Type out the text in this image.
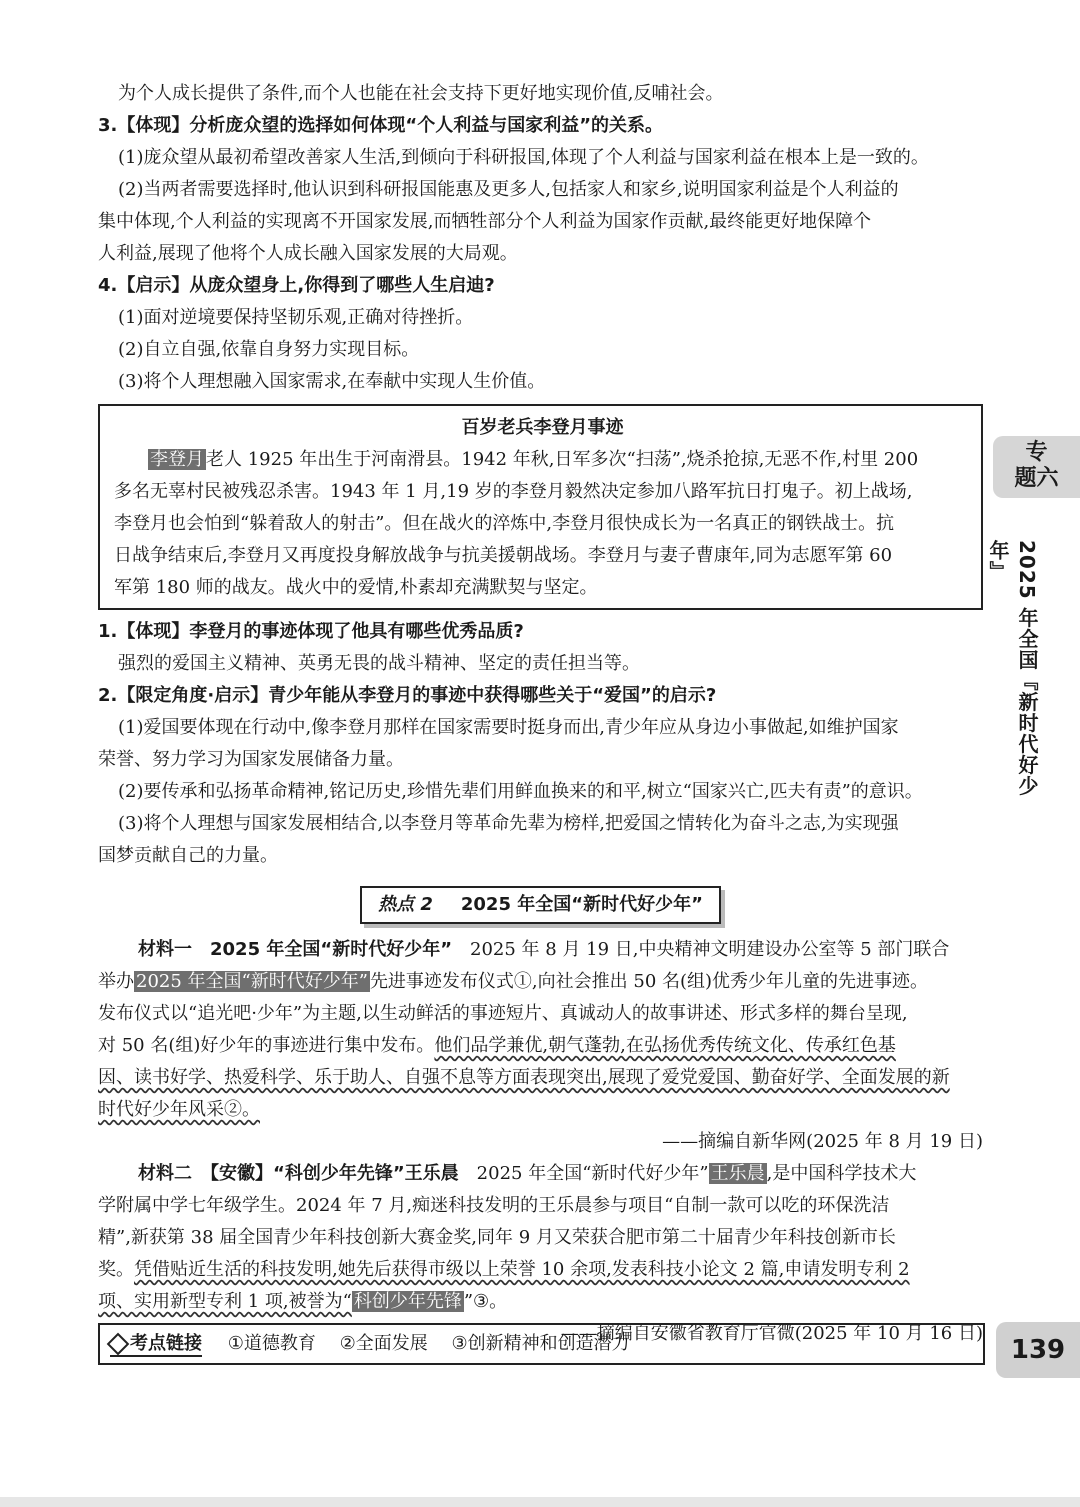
为个人成长提供了条件,而个人也能在社会支持下更好地实现价值,反哺社会。
3.【体现】分析庞众望的选择如何体现“个人利益与国家利益”的关系。
(1)庞众望从最初希望改善家人生活,到倾向于科研报国,体现了个人利益与国家利益在根本上是一致的。
(2)当两者需要选择时,他认识到科研报国能惠及更多人,包括家人和家乡,说明国家利益是个人利益的
集中体现,个人利益的实现离不开国家发展,而牺牲部分个人利益为国家作贡献,最终能更好地保障个
人利益,展现了他将个人成长融入国家发展的大局观。
4.【启示】从庞众望身上,你得到了哪些人生启迪?
(1)面对逆境要保持坚韧乐观,正确对待挫折。
(2)自立自强,依靠自身努力实现目标。
(3)将个人理想融入国家需求,在奉献中实现人生价值。
百岁老兵李登月事迹
李登月 老人 1925 年出生于河南滑县。1942 年秋,日军多次“扫荡”,烧杀抢掠,无恶不作,村里 200
多名无辜村民被残忍杀害。1943 年 1 月,19 岁的李登月毅然决定参加八路军抗日打鬼子。初上战场,
李登月也会怕到“躲着敌人的射击”。但在战火的淬炼中,李登月很快成长为一名真正的钢铁战士。抗
日战争结束后,李登月又再度投身解放战争与抗美援朝战场。李登月与妻子曹康年,同为志愿军第 60
军第 180 师的战友。战火中的爱情,朴素却充满默契与坚定。
1.【体现】李登月的事迹体现了他具有哪些优秀品质?
强烈的爱国主义精神、英勇无畏的战斗精神、坚定的责任担当等。
2.【限定角度·启示】青少年能从李登月的事迹中获得哪些关于“爱国”的启示?
(1)爱国要体现在行动中,像李登月那样在国家需要时挺身而出,青少年应从身边小事做起,如维护国家
荣誉、努力学习为国家发展储备力量。
(2)要传承和弘扬革命精神,铭记历史,珍惜先辈们用鲜血换来的和平,树立“国家兴亡,匹夫有责”的意识。
(3)将个人理想与国家发展相结合,以李登月等革命先辈为榜样,把爱国之情转化为奋斗之志,为实现强
国梦贡献自己的力量。
热点 2 2025 年全国“新时代好少年”
材料一　2025 年全国“新时代好少年”　2025 年 8 月 19 日,中央精神文明建设办公室等 5 部门联合
举办 2025 年全国“新时代好少年” 先进事迹发布仪式①,向社会推出 50 名(组)优秀少年儿童的先进事迹。
发布仪式以“追光吧·少年”为主题,以生动鲜活的事迹短片、真诚动人的故事讲述、形式多样的舞台呈现,
对 50 名(组)好少年的事迹进行集中发布。他们品学兼优,朝气蓬勃,在弘扬优秀传统文化、传承红色基
因、读书好学、热爱科学、乐于助人、自强不息等方面表现突出,展现了爱党爱国、勤奋好学、全面发展的新
时代好少年风采②。
——摘编自新华网(2025 年 8 月 19 日)
材料二　【安徽】“科创少年先锋”王乐晨　2025 年全国“新时代好少年” 王乐晨 ,是中国科学技术大
学附属中学七年级学生。2024 年 7 月,痴迷科技发明的王乐晨参与项目“自制一款可以吃的环保洗洁
精”,新获第 38 届全国青少年科技创新大赛金奖,同年 9 月又荣获合肥市第二十届青少年科技创新市长
奖。凭借贴近生活的科技发明,她先后获得市级以上荣誉 10 余项,发表科技小论文 2 篇,申请发明专利 2
项、实用新型专利 1 项,被誉为“ 科创少年先锋 ”③。
——摘编自安徽省教育厅官微(2025 年 10 月 16 日)
考点链接 ①道德教育 ②全面发展 ③创新精神和创造潜力
专
题六
2025 年全国『新时代好少年』
139
